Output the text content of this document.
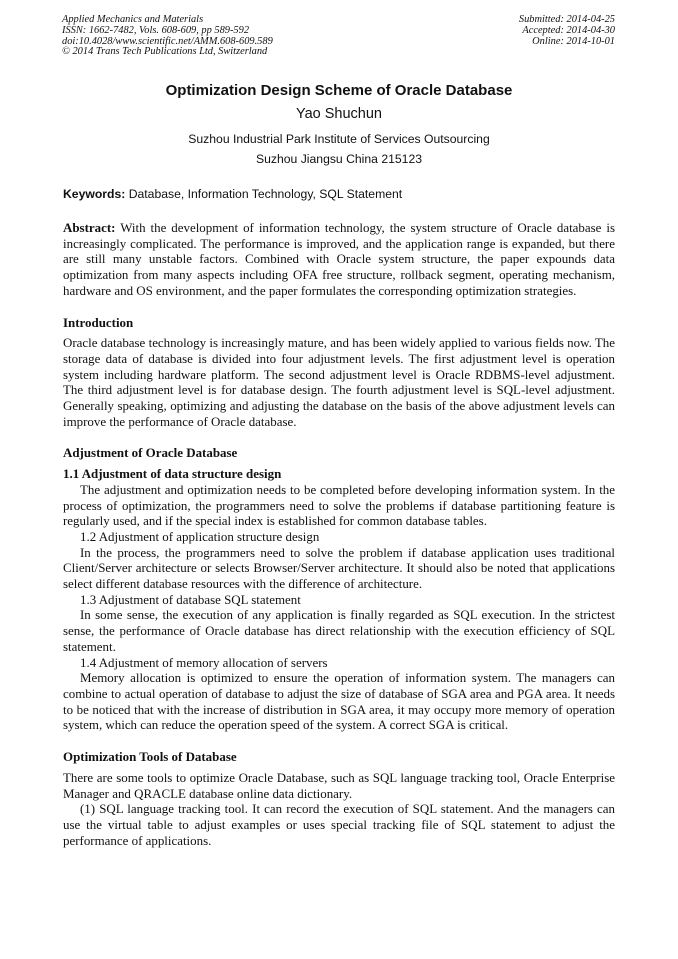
Applied Mechanics and Materials
ISSN: 1662-7482, Vols. 608-609, pp 589-592
doi:10.4028/www.scientific.net/AMM.608-609.589
© 2014 Trans Tech Publications Ltd, Switzerland
Submitted: 2014-04-25
Accepted: 2014-04-30
Online: 2014-10-01
Optimization Design Scheme of Oracle Database
Yao Shuchun
Suzhou Industrial Park Institute of Services Outsourcing
Suzhou Jiangsu China 215123
Keywords: Database, Information Technology, SQL Statement

Abstract: With the development of information technology, the system structure of Oracle database is increasingly complicated. The performance is improved, and the application range is expanded, but there are still many unstable factors. Combined with Oracle system structure, the paper expounds data optimization from many aspects including OFA free structure, rollback segment, operating mechanism, hardware and OS environment, and the paper formulates the corresponding optimization strategies.

Introduction

Oracle database technology is increasingly mature, and has been widely applied to various fields now. The storage data of database is divided into four adjustment levels. The first adjustment level is operation system including hardware platform. The second adjustment level is Oracle RDBMS-level adjustment. The third adjustment level is for database design. The fourth adjustment level is SQL-level adjustment. Generally speaking, optimizing and adjusting the database on the basis of the above adjustment levels can improve the performance of Oracle database.

Adjustment of Oracle Database
1.1 Adjustment of data structure design

The adjustment and optimization needs to be completed before developing information system. In the process of optimization, the programmers need to solve the problems if database partitioning feature is regularly used, and if the special index is established for common database tables.

1.2 Adjustment of application structure design

In the process, the programmers need to solve the problem if database application uses traditional Client/Server architecture or selects Browser/Server architecture. It should also be noted that applications select different database resources with the difference of architecture.

1.3 Adjustment of database SQL statement

In some sense, the execution of any application is finally regarded as SQL execution. In the strictest sense, the performance of Oracle database has direct relationship with the execution efficiency of SQL statement.

1.4 Adjustment of memory allocation of servers

Memory allocation is optimized to ensure the operation of information system. The managers can combine to actual operation of database to adjust the size of database of SGA area and PGA area. It needs to be noticed that with the increase of distribution in SGA area, it may occupy more memory of operation system, which can reduce the operation speed of the system. A correct SGA is critical.

Optimization Tools of Database

There are some tools to optimize Oracle Database, such as SQL language tracking tool, Oracle Enterprise Manager and QRACLE database online data dictionary.

(1) SQL language tracking tool. It can record the execution of SQL statement. And the managers can use the virtual table to adjust examples or uses special tracking file of SQL statement to adjust the performance of applications.
